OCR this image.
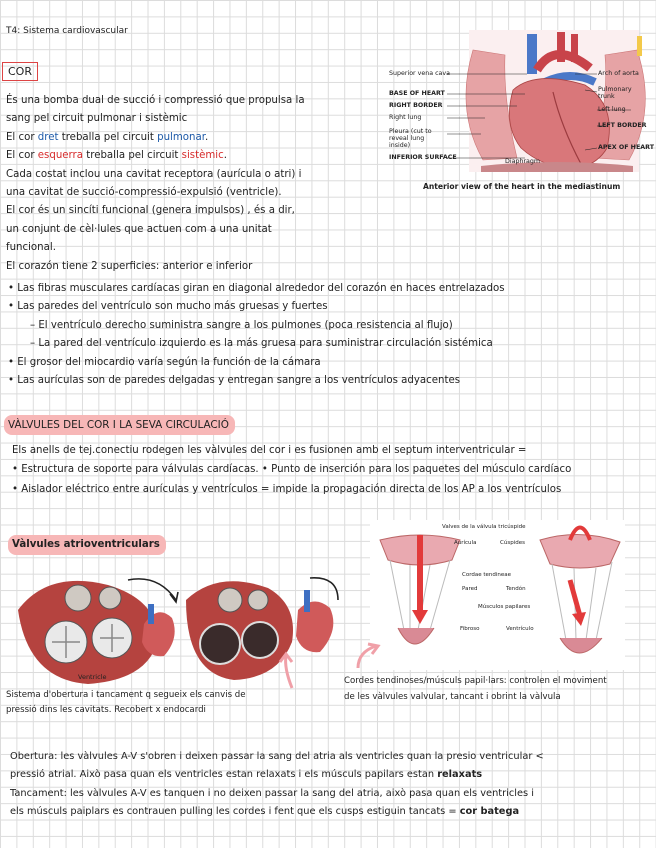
T4: Sistema cardiovascular
COR
És una bomba dual de succió i compressió que propulsa la
sang pel circuit pulmonar i sistèmic
El cor dret treballa pel circuit pulmonar.
El cor esquerra treballa pel circuit sistèmic.
Cada costat inclou una cavitat receptora (aurícula o atri) i
una cavitat de succió-compressió-expulsió (ventricle).
El cor és un sincíti funcional (genera impulsos) , és a dir,
un conjunt de cèl·lules que actuen com a una unitat
funcional.
El corazón tiene 2 superficies: anterior e inferior
Superior vena cava
BASE OF HEART
RIGHT BORDER
Right lung
Pleura (cut to reveal lung inside)
INFERIOR SURFACE
Arch of aorta
Pulmonary trunk
Left lung
LEFT BORDER
APEX OF HEART
Diaphragm
Anterior view of the heart in the mediastinum
• Las fibras musculares cardíacas giran en diagonal alrededor del corazón en haces entrelazados
• Las paredes del ventrículo son mucho más gruesas y fuertes
– El ventrículo derecho suministra sangre a los pulmones (poca resistencia al flujo)
– La pared del ventrículo izquierdo es la más gruesa para suministrar circulación sistémica
• El grosor del miocardio varía según la función de la cámara
• Las aurículas son de paredes delgadas y entregan sangre a los ventrículos adyacentes
VÀLVULES DEL COR I LA SEVA CIRCULACIÓ
Els anells de tej.conectiu rodegen les vàlvules del cor i es fusionen amb el septum interventricular =
• Estructura de soporte para válvulas cardíacas. • Punto de inserción para los paquetes del músculo cardíaco
• Aislador eléctrico entre aurículas y ventrículos = impide la propagación directa de los AP a los ventrículos
Vàlvules atrioventriculars
Ventricle
Sistema d'obertura i tancament q segueix els canvis de
pressió dins les cavitats. Recobert x endocardi
Valves de la válvula tricúspide
Aurícula	Cúspides
Cordae tendineae
Pared	Tendón
Músculos papilares
Fibroso	Ventrículo
Cordes tendinoses/músculs papil·lars: controlen el moviment
de les vàlvules valvular, tancant i obrint la vàlvula
Obertura: les vàlvules A-V s'obren i deixen passar la sang del atria als ventricles quan la presio ventricular <
pressió atrial. Això pasa quan els ventricles estan relaxats i els músculs papilars estan relaxats
Tancament: les vàlvules A-V es tanquen i no deixen passar la sang del atria, això pasa quan els ventricles i
els músculs paiplars es contrauen pulling les cordes i fent que els cusps estiguin tancats = cor batega
